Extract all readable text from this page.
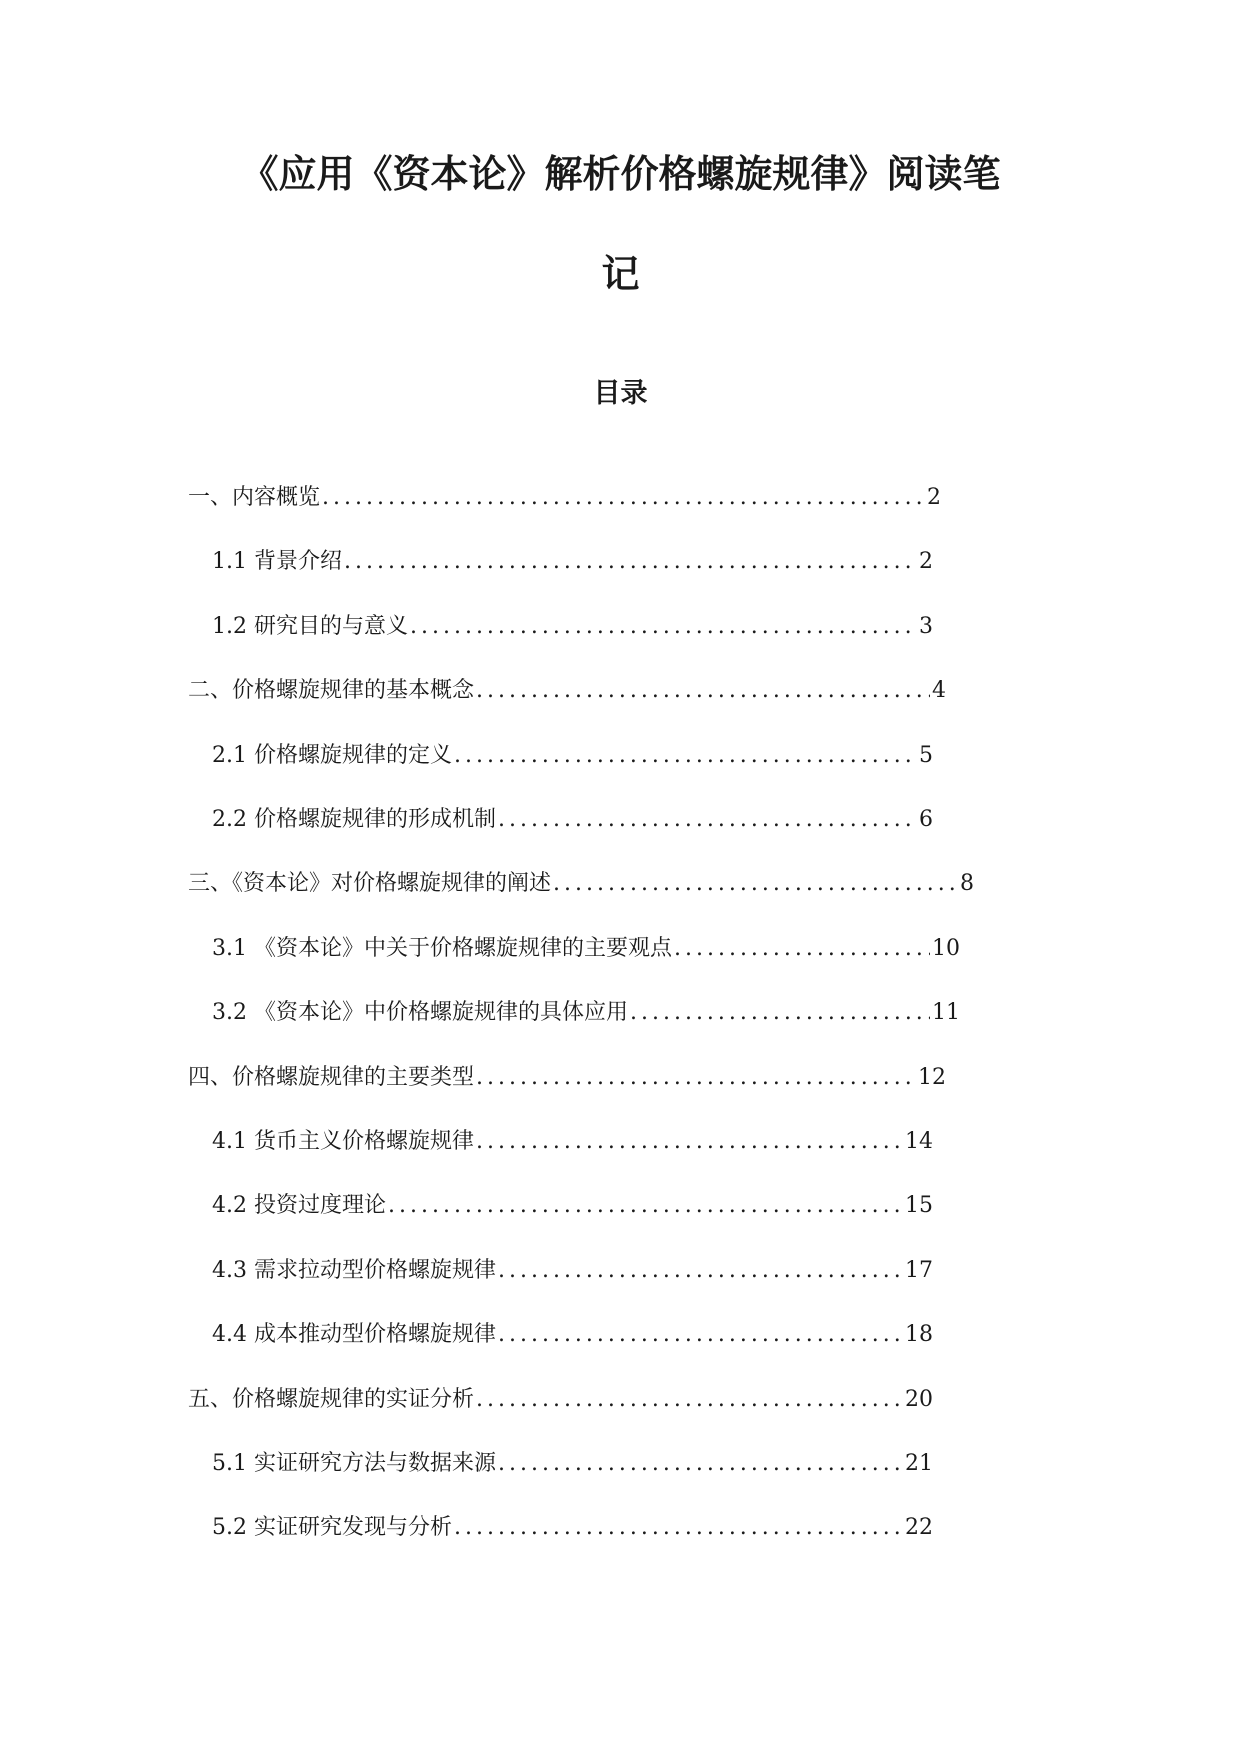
《应用《资本论》解析价格螺旋规律》阅读笔
记
目录
一、内容概览 .....	2
1.1 背景介绍 .....	2
1.2 研究目的与意义 .....	3
二、价格螺旋规律的基本概念 .....	4
2.1 价格螺旋规律的定义 .....	5
2.2 价格螺旋规律的形成机制 .....	6
三、《资本论》对价格螺旋规律的阐述 .....	8
3.1 《资本论》中关于价格螺旋规律的主要观点 .....	10
3.2 《资本论》中价格螺旋规律的具体应用 .....	11
四、价格螺旋规律的主要类型 .....	12
4.1 货币主义价格螺旋规律 .....	14
4.2 投资过度理论 .....	15
4.3 需求拉动型价格螺旋规律 .....	17
4.4 成本推动型价格螺旋规律 .....	18
五、价格螺旋规律的实证分析 .....	20
5.1 实证研究方法与数据来源 .....	21
5.2 实证研究发现与分析 .....	22
